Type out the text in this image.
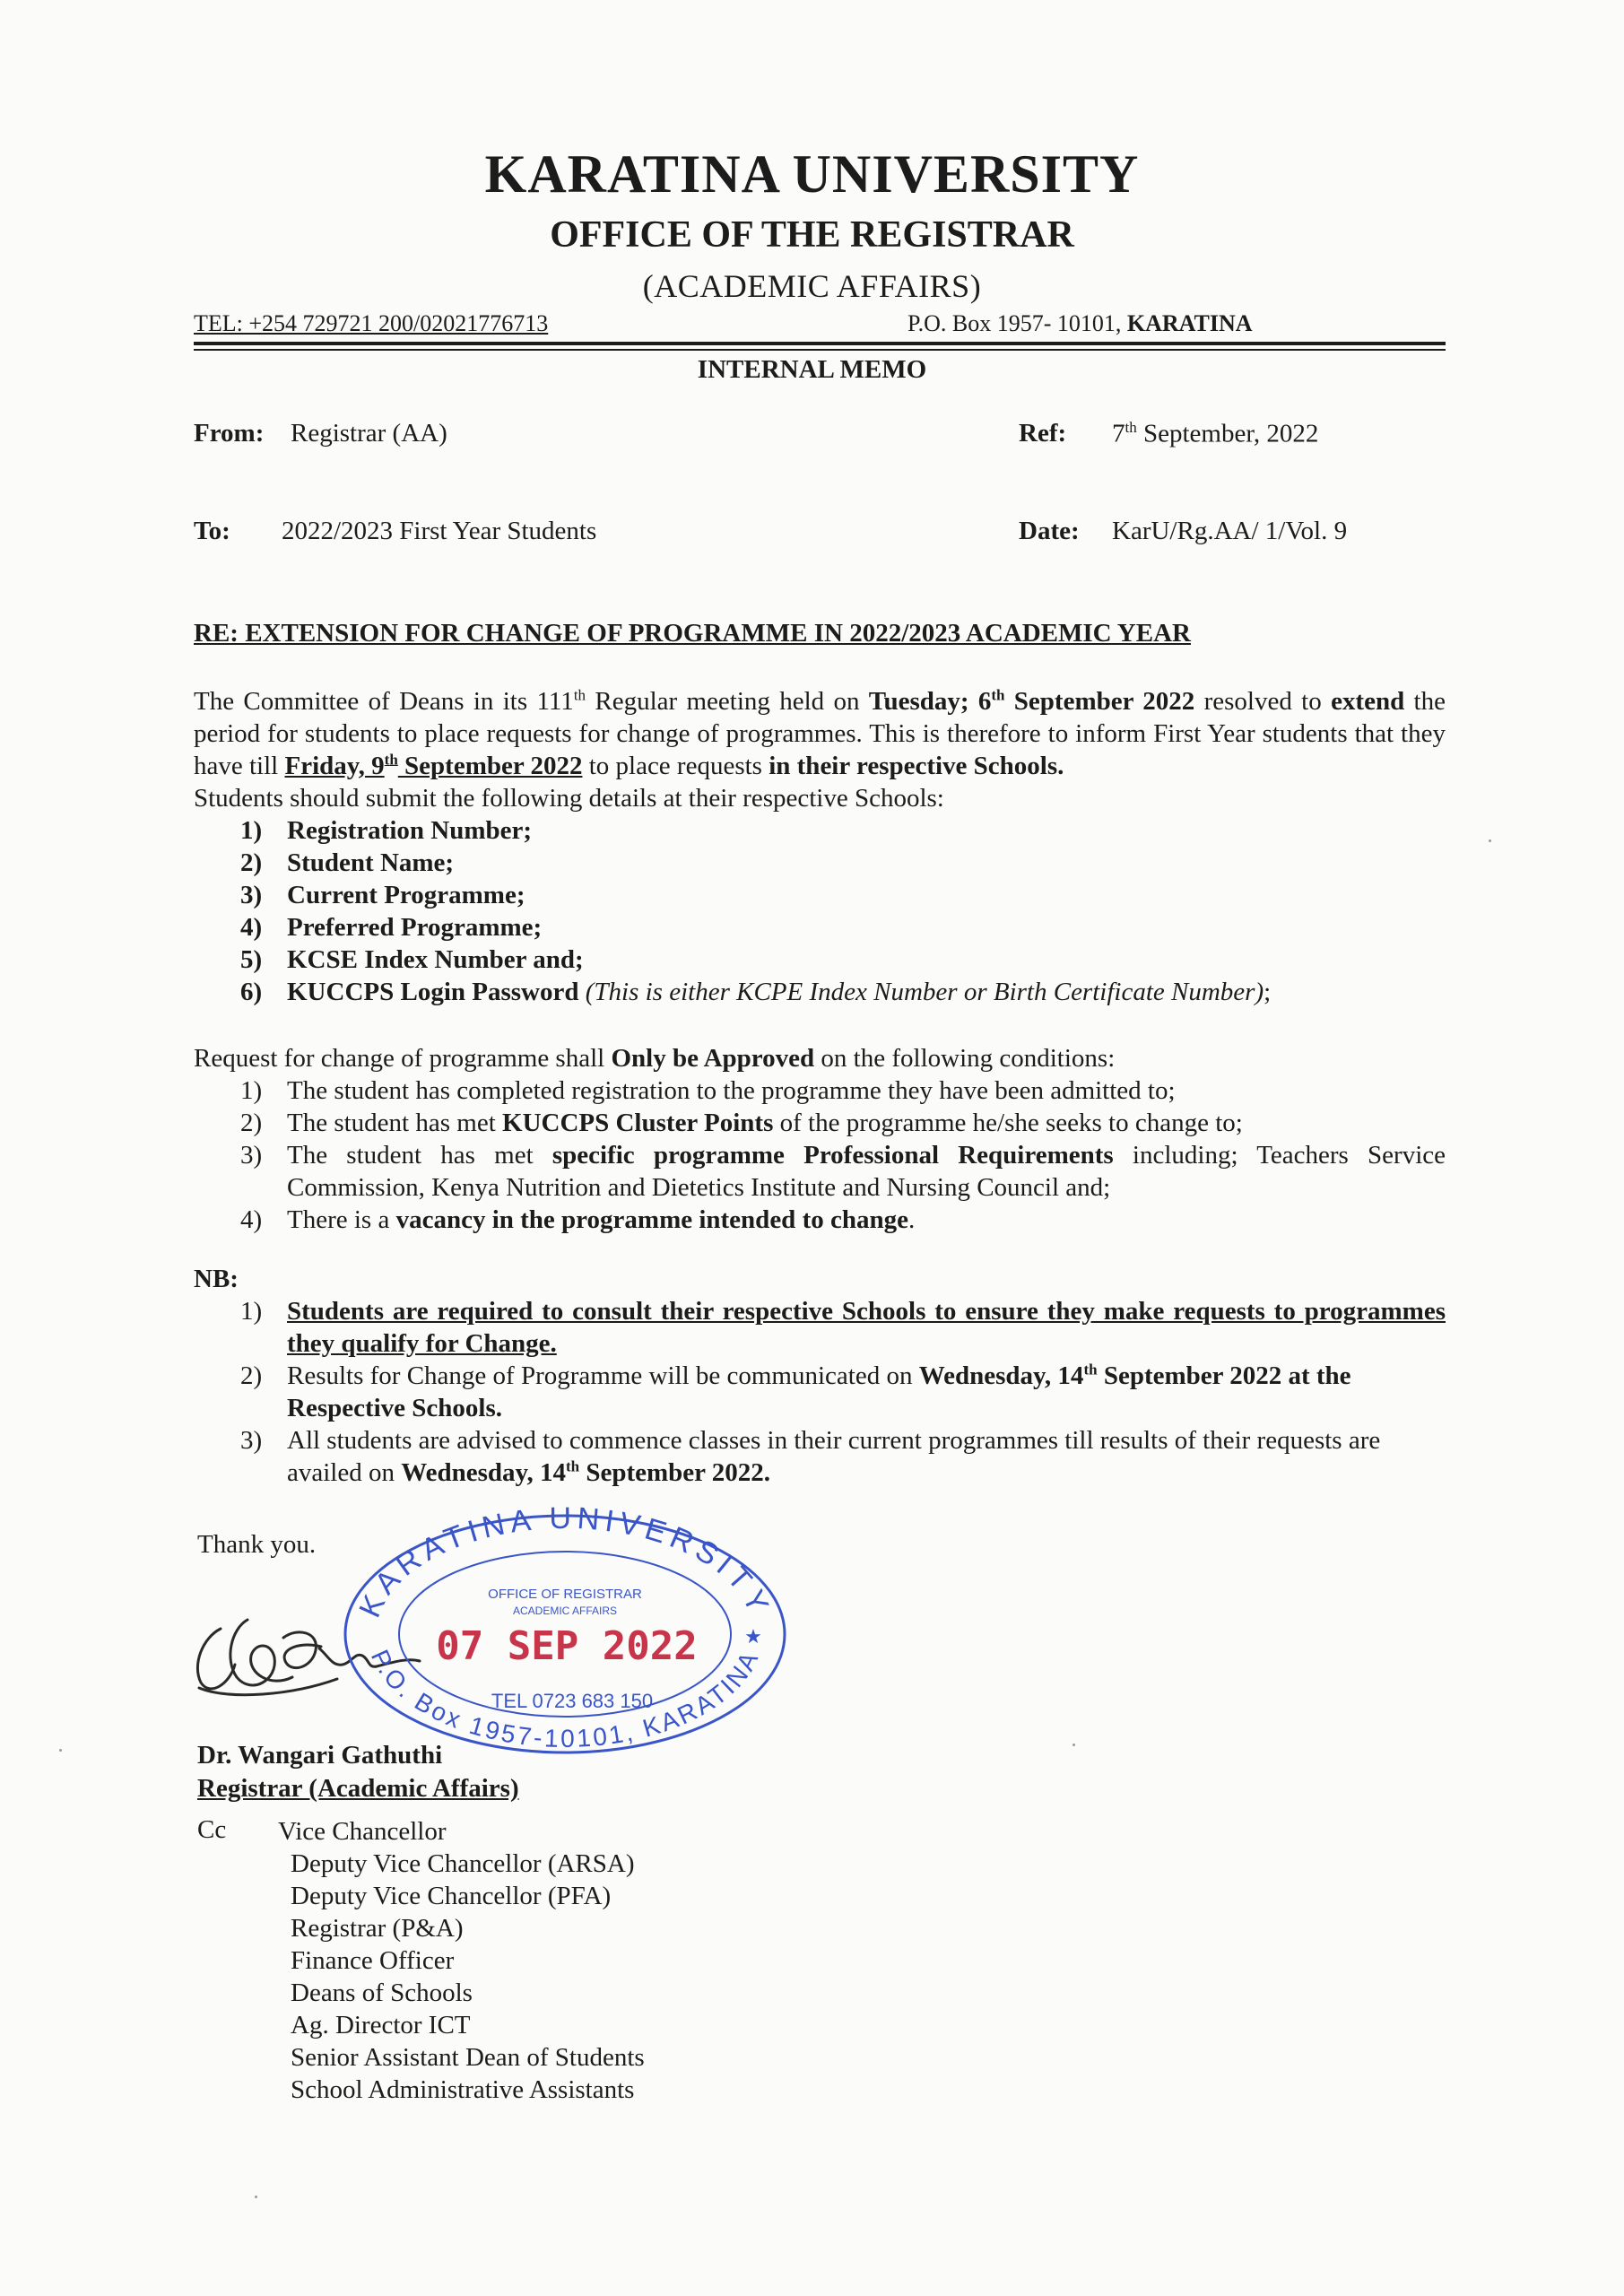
KARATINA UNIVERSITY
OFFICE OF THE REGISTRAR
(ACADEMIC AFFAIRS)
TEL: +254 729721 200/02021776713	P.O. Box 1957- 10101, KARATINA
INTERNAL MEMO
From: Registrar (AA)	Ref: 7th September, 2022
To: 2022/2023 First Year Students	Date: KarU/Rg.AA/ 1/Vol. 9
RE: EXTENSION FOR CHANGE OF PROGRAMME IN 2022/2023 ACADEMIC YEAR

The Committee of Deans in its 111th Regular meeting held on Tuesday; 6th September 2022 resolved to extend the period for students to place requests for change of programmes. This is therefore to inform First Year students that they have till Friday, 9th September 2022 to place requests in their respective Schools.

Students should submit the following details at their respective Schools:

1) Registration Number;
2) Student Name;
3) Current Programme;
4) Preferred Programme;
5) KCSE Index Number and;
6) KUCCPS Login Password (This is either KCPE Index Number or Birth Certificate Number);

Request for change of programme shall Only be Approved on the following conditions:

1) The student has completed registration to the programme they have been admitted to;
2) The student has met KUCCPS Cluster Points of the programme he/she seeks to change to;
3) The student has met specific programme Professional Requirements including; Teachers Service Commission, Kenya Nutrition and Dietetics Institute and Nursing Council and;
4) There is a vacancy in the programme intended to change.

NB:

1) Students are required to consult their respective Schools to ensure they make requests to programmes they qualify for Change.
2) Results for Change of Programme will be communicated on Wednesday, 14th September 2022 at the Respective Schools.
3) All students are advised to commence classes in their current programmes till results of their requests are availed on Wednesday, 14th September 2022.
Thank you.
KARATINA UNIVERSITY
P.O. Box 1957-10101, KARATINA
OFFICE OF REGISTRAR
ACADEMIC AFFAIRS
07 SEP 2022
TEL 0723 683 150
★
Dr. Wangari Gathuthi
Registrar (Academic Affairs)
Cc Vice Chancellor
Deputy Vice Chancellor (ARSA)
Deputy Vice Chancellor (PFA)
Registrar (P&A)
Finance Officer
Deans of Schools
Ag. Director ICT
Senior Assistant Dean of Students
School Administrative Assistants
